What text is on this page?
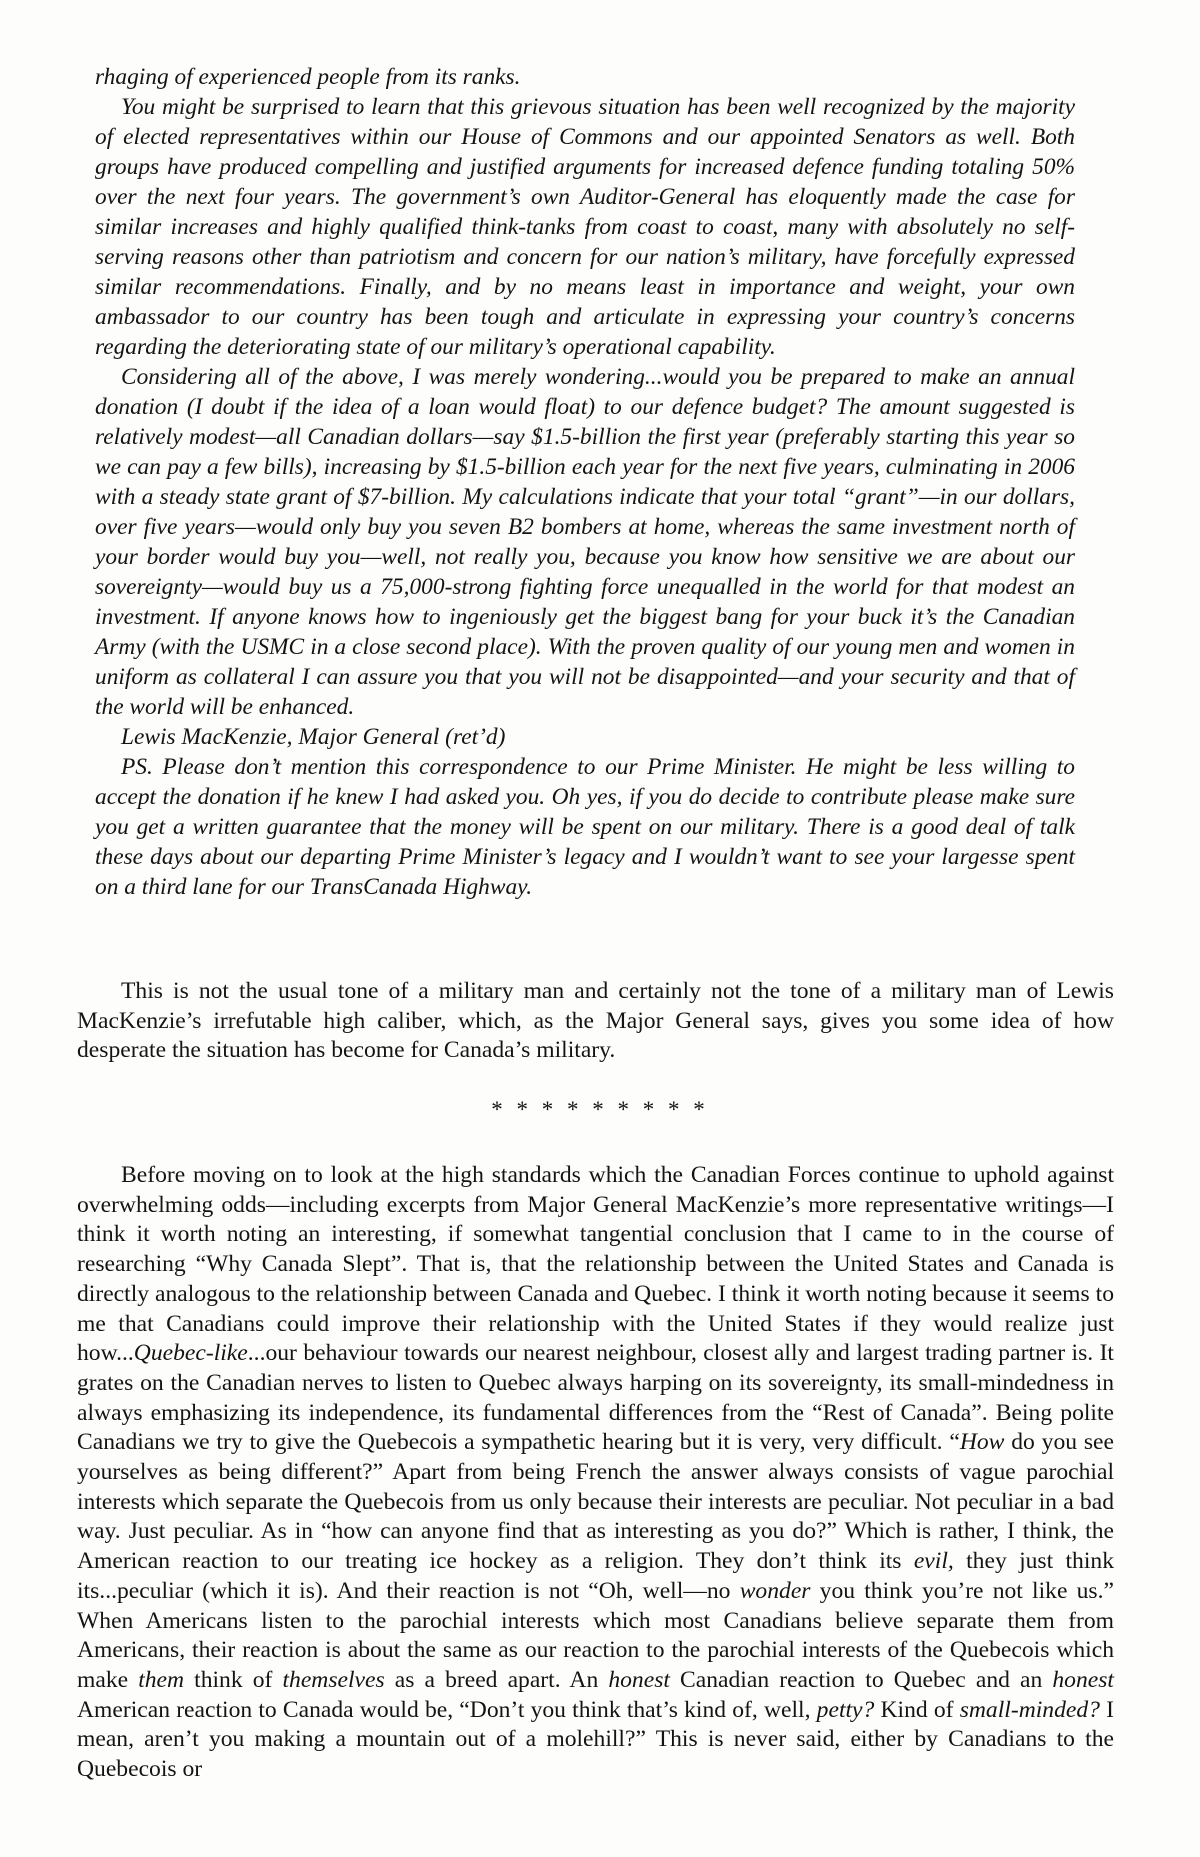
rhaging of experienced people from its ranks.

You might be surprised to learn that this grievous situation has been well recognized by the majority of elected representatives within our House of Commons and our appointed Senators as well. Both groups have produced compelling and justified arguments for increased defence funding totaling 50% over the next four years. The government’s own Auditor-General has eloquently made the case for similar increases and highly qualified think-tanks from coast to coast, many with absolutely no self-serving reasons other than patriotism and concern for our nation’s military, have forcefully expressed similar recommendations. Finally, and by no means least in importance and weight, your own ambassador to our country has been tough and articulate in expressing your country’s concerns regarding the deteriorating state of our military’s operational capability.

Considering all of the above, I was merely wondering...would you be prepared to make an annual donation (I doubt if the idea of a loan would float) to our defence budget? The amount suggested is relatively modest—all Canadian dollars—say $1.5-billion the first year (preferably starting this year so we can pay a few bills), increasing by $1.5-billion each year for the next five years, culminating in 2006 with a steady state grant of $7-billion. My calculations indicate that your total “grant”—in our dollars, over five years—would only buy you seven B2 bombers at home, whereas the same investment north of your border would buy you—well, not really you, because you know how sensitive we are about our sovereignty—would buy us a 75,000-strong fighting force unequalled in the world for that modest an investment. If anyone knows how to ingeniously get the biggest bang for your buck it’s the Canadian Army (with the USMC in a close second place). With the proven quality of our young men and women in uniform as collateral I can assure you that you will not be disappointed—and your security and that of the world will be enhanced.

Lewis MacKenzie, Major General (ret’d)

PS. Please don’t mention this correspondence to our Prime Minister. He might be less willing to accept the donation if he knew I had asked you. Oh yes, if you do decide to contribute please make sure you get a written guarantee that the money will be spent on our military. There is a good deal of talk these days about our departing Prime Minister’s legacy and I wouldn’t want to see your largesse spent on a third lane for our TransCanada Highway.

This is not the usual tone of a military man and certainly not the tone of a military man of Lewis MacKenzie’s irrefutable high caliber, which, as the Major General says, gives you some idea of how desperate the situation has become for Canada’s military.

* * * * * * * * *

Before moving on to look at the high standards which the Canadian Forces continue to uphold against overwhelming odds—including excerpts from Major General MacKenzie’s more representative writings—I think it worth noting an interesting, if somewhat tangential conclusion that I came to in the course of researching “Why Canada Slept”. That is, that the relationship between the United States and Canada is directly analogous to the relationship between Canada and Quebec. I think it worth noting because it seems to me that Canadians could improve their relationship with the United States if they would realize just how...Quebec-like...our behaviour towards our nearest neighbour, closest ally and largest trading partner is. It grates on the Canadian nerves to listen to Quebec always harping on its sovereignty, its small-mindedness in always emphasizing its independence, its fundamental differences from the “Rest of Canada”. Being polite Canadians we try to give the Quebecois a sympathetic hearing but it is very, very difficult. “How do you see yourselves as being different?” Apart from being French the answer always consists of vague parochial interests which separate the Quebecois from us only because their interests are peculiar. Not peculiar in a bad way. Just peculiar. As in “how can anyone find that as interesting as you do?” Which is rather, I think, the American reaction to our treating ice hockey as a religion. They don’t think its evil, they just think its...peculiar (which it is). And their reaction is not “Oh, well—no wonder you think you’re not like us.” When Americans listen to the parochial interests which most Canadians believe separate them from Americans, their reaction is about the same as our reaction to the parochial interests of the Quebecois which make them think of themselves as a breed apart. An honest Canadian reaction to Quebec and an honest American reaction to Canada would be, “Don’t you think that’s kind of, well, petty? Kind of small-minded? I mean, aren’t you making a mountain out of a molehill?” This is never said, either by Canadians to the Quebecois or
